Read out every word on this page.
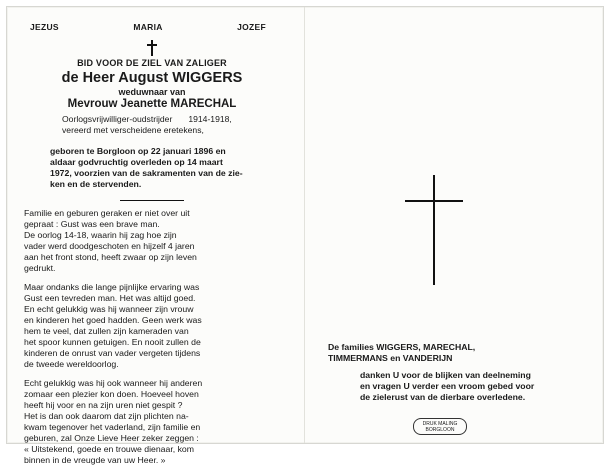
JEZUS	MARIA	JOZEF
BID VOOR DE ZIEL VAN ZALIGER
de Heer August WIGGERS
weduwnaar van
Mevrouw Jeanette MARECHAL
Oorlogsvrijwilliger-oudstrijder 1914-1918,
vereerd met verscheidene eretekens,
geboren te Borgloon op 22 januari 1896 en
aldaar godvruchtig overleden op 14 maart
1972, voorzien van de sakramenten van de zie-
ken en de stervenden.

Familie en geburen geraken er niet over uit
gepraat : Gust was een brave man.
De oorlog 14-18, waarin hij zag hoe zijn
vader werd doodgeschoten en hijzelf 4 jaren
aan het front stond, heeft zwaar op zijn leven
gedrukt.

Maar ondanks die lange pijnlijke ervaring was
Gust een tevreden man. Het was altijd goed.
En echt gelukkig was hij wanneer zijn vrouw
en kinderen het goed hadden. Geen werk was
hem te veel, dat zullen zijn kameraden van
het spoor kunnen getuigen. En nooit zullen de
kinderen de onrust van vader vergeten tijdens
de tweede wereldoorlog.

Echt gelukkig was hij ook wanneer hij anderen
zomaar een plezier kon doen. Hoeveel hoven
heeft hij voor en na zijn uren niet gespit ?
Het is dan ook daarom dat zijn plichten na-
kwam tegenover het vaderland, zijn familie en
geburen, zal Onze Lieve Heer zeker zeggen :
« Uitstekend, goede en trouwe dienaar, kom
binnen in de vreugde van uw Heer. »

De families WIGGERS, MARECHAL,
TIMMERMANS en VANDERIJN
danken U voor de blijken van deelneming
en vragen U verder een vroom gebed voor
de zielerust van de dierbare overledene.
DRUK MALING
BORGLOON
